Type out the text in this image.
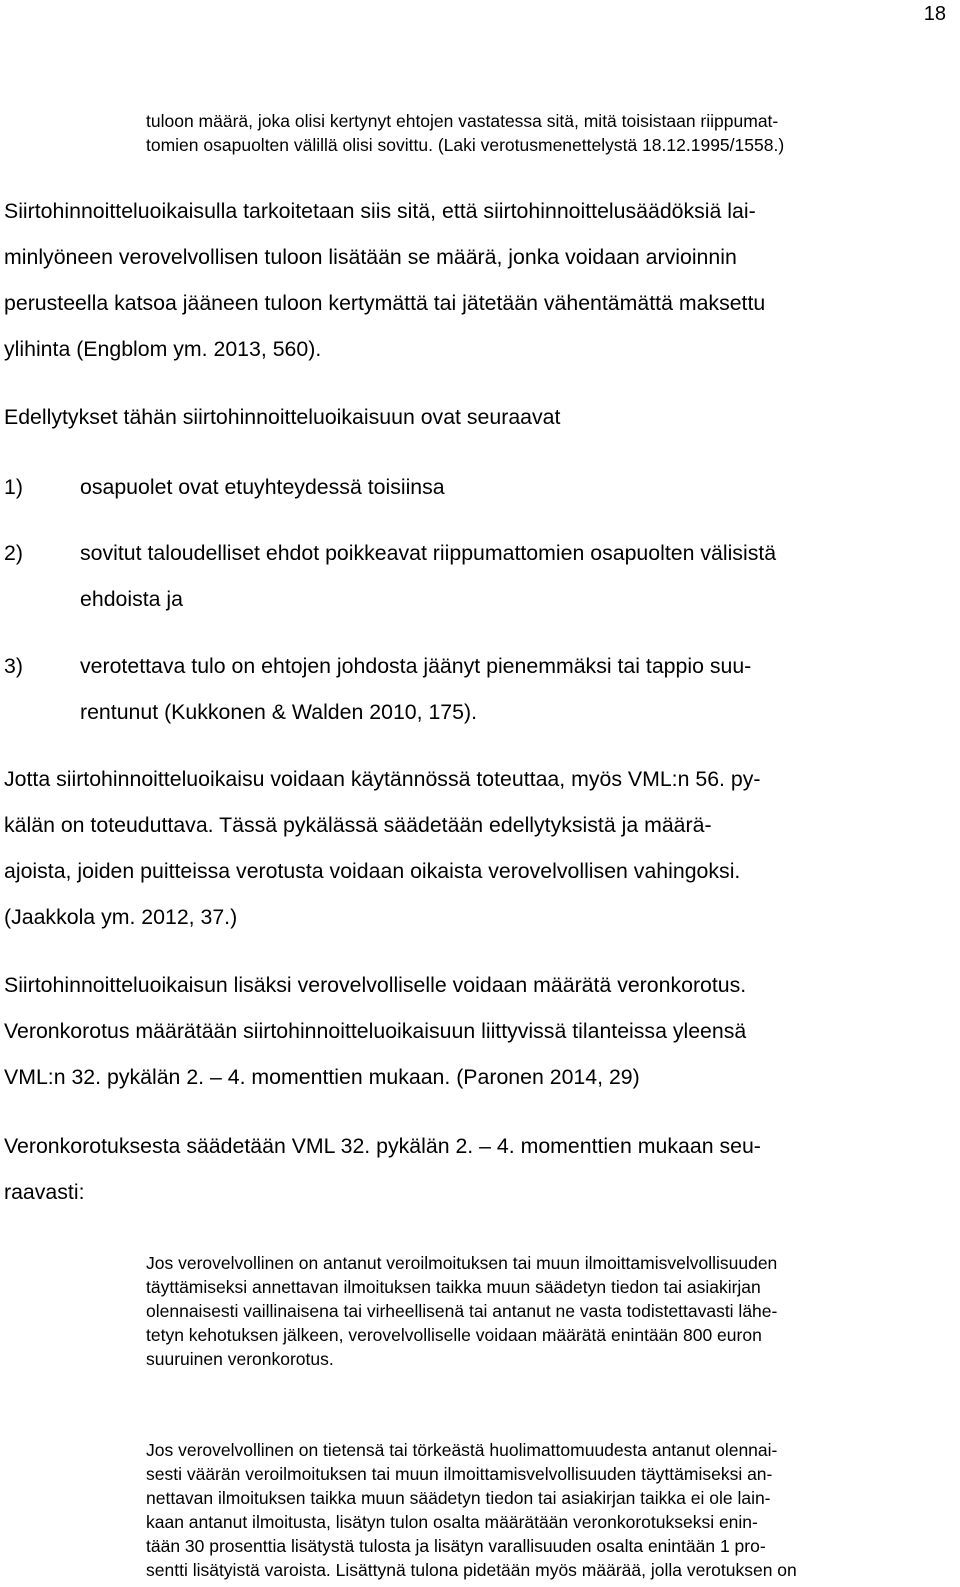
18
tuloon määrä, joka olisi kertynyt ehtojen vastatessa sitä, mitä toisistaan riippumat-
tomien osapuolten välillä olisi sovittu. (Laki verotusmenettelystä 18.12.1995/1558.)
Siirtohinnoitteluoikaisulla tarkoitetaan siis sitä, että siirtohinnoittelusäädöksiä lai-
minlyöneen verovelvollisen tuloon lisätään se määrä, jonka voidaan arvioinnin
perusteella katsoa jääneen tuloon kertymättä tai jätetään vähentämättä maksettu
ylihinta (Engblom ym. 2013, 560).
Edellytykset tähän siirtohinnoitteluoikaisuun ovat seuraavat
1)	osapuolet ovat etuyhteydessä toisiinsa
2)	sovitut taloudelliset ehdot poikkeavat riippumattomien osapuolten välisistä
ehdoista ja
3)	verotettava tulo on ehtojen johdosta jäänyt pienemmäksi tai tappio suu-
rentunut (Kukkonen & Walden 2010, 175).
Jotta siirtohinnoitteluoikaisu voidaan käytännössä toteuttaa, myös VML:n 56. py-
kälän on toteuduttava. Tässä pykälässä säädetään edellytyksistä ja määrä-
ajoista, joiden puitteissa verotusta voidaan oikaista verovelvollisen vahingoksi.
(Jaakkola ym. 2012, 37.)
Siirtohinnoitteluoikaisun lisäksi verovelvolliselle voidaan määrätä veronkorotus.
Veronkorotus määrätään siirtohinnoitteluoikaisuun liittyvissä tilanteissa yleensä
VML:n 32. pykälän 2. – 4. momenttien mukaan. (Paronen 2014, 29)
Veronkorotuksesta säädetään VML 32. pykälän 2. – 4. momenttien mukaan seu-
raavasti:
Jos verovelvollinen on antanut veroilmoituksen tai muun ilmoittamisvelvollisuuden
täyttämiseksi annettavan ilmoituksen taikka muun säädetyn tiedon tai asiakirjan
olennaisesti vaillinaisena tai virheellisenä tai antanut ne vasta todistettavasti lähe-
tetyn kehotuksen jälkeen, verovelvolliselle voidaan määrätä enintään 800 euron
suuruinen veronkorotus.
Jos verovelvollinen on tietensä tai törkeästä huolimattomuudesta antanut olennai-
sesti väärän veroilmoituksen tai muun ilmoittamisvelvollisuuden täyttämiseksi an-
nettavan ilmoituksen taikka muun säädetyn tiedon tai asiakirjan taikka ei ole lain-
kaan antanut ilmoitusta, lisätyn tulon osalta määrätään veronkorotukseksi enin-
tään 30 prosenttia lisätystä tulosta ja lisätyn varallisuuden osalta enintään 1 pro-
sentti lisätyistä varoista. Lisättynä tulona pidetään myös määrää, jolla verotuksen on
